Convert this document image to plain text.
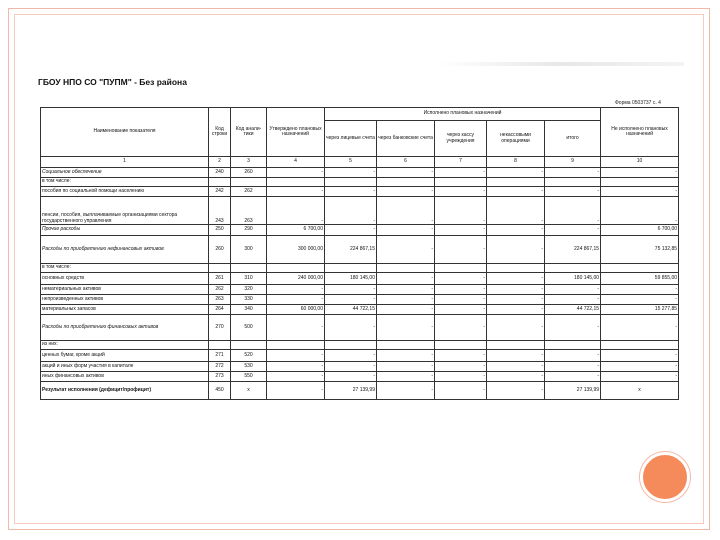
ГБОУ НПО СО "ПУПМ" - Без района
Форма 0503737 с. 4
Наименование показателя	Код строки	Код анали-тики	Утверждено плановых назначений	Исполнено плановых назначений					Не исполнено плановых назначений
				через лицевые счета	через банковские счета	через кассу учреждения	некассовыми операциями	итого	
1	2	3	4	5	6	7	8	9	10
Социальное обеспечение	240	260	-	-	-	-	-	-	-
в том числе:									
пособия по социальной помощи населению	242	262	-	-	-	-	-	-	-
пенсии, пособия, выплачиваемые организациями сектора государственного управления	243	263	-	-	-	-	-	-	-
Прочие расходы	250	290	6 700,00	-	-	-	-	-	6 700,00
Расходы по приобретению нефинансовых активов	260	300	300 000,00	224 867,15	-	-	-	224 867,15	75 132,85
в том числе:									
основных средств	261	310	240 000,00	180 145,00	-	-	-	180 145,00	59 855,00
нематериальных активов	262	320	-	-	-	-	-	-	-
непроизведенных активов	263	330	-	-	-	-	-	-	-
материальных запасов	264	340	60 000,00	44 722,15	-	-	-	44 722,15	15 277,85
Расходы по приобретению финансовых активов	270	500	-	-	-	-	-	-	-
из них:									
ценных бумаг, кроме акций	271	520	-	-	-	-	-	-	-
акций и иных форм участия в капитале	272	530	-	-	-	-	-	-	-
иных финансовых активов	273	550	-	-	-	-	-	-	-
Результат исполнения (дефицит/профицит)	450	x	-	27 139,99	-	-	-	27 139,99	x
